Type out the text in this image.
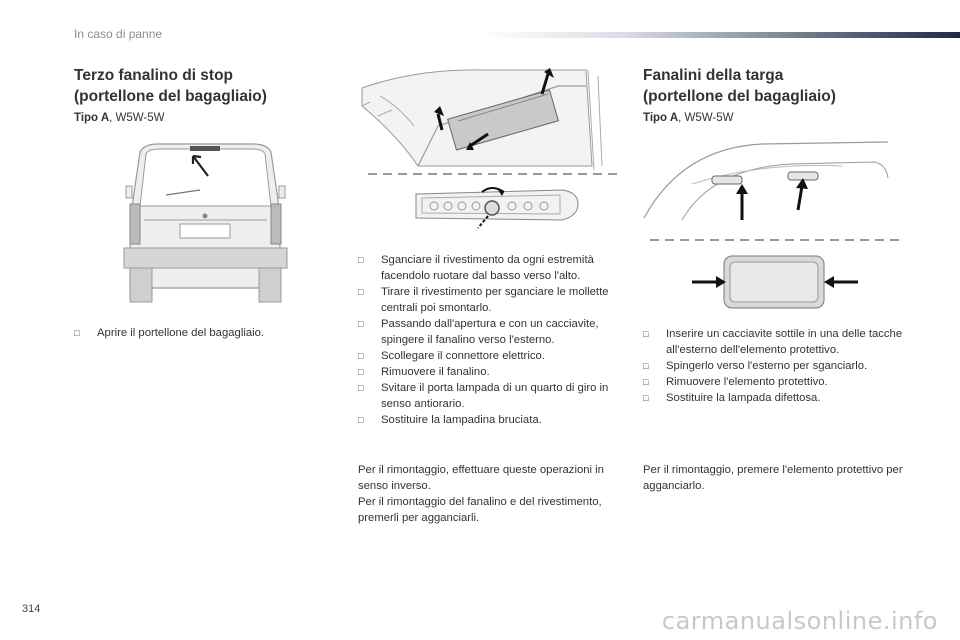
In caso di panne
Terzo fanalino di stop
(portellone del bagagliaio)
Tipo A, W5W-5W
□ Aprire il portellone del bagagliaio.
□ Sganciare il rivestimento da ogni estremità facendolo ruotare dal basso verso l'alto.
□ Tirare il rivestimento per sganciare le mollette centrali poi smontarlo.
□ Passando dall'apertura e con un cacciavite, spingere il fanalino verso l'esterno.
□ Scollegare il connettore elettrico.
□ Rimuovere il fanalino.
□ Svitare il porta lampada di un quarto di giro in senso antiorario.
□ Sostituire la lampadina bruciata.

Per il rimontaggio, effettuare queste operazioni in senso inverso.

Per il rimontaggio del fanalino e del rivestimento, premerli per agganciarli.

Fanalini della targa
(portellone del bagagliaio)
Tipo A, W5W-5W
□ Inserire un cacciavite sottile in una delle tacche all'esterno dell'elemento protettivo.
□ Spingerlo verso l'esterno per sganciarlo.
□ Rimuovere l'elemento protettivo.
□ Sostituire la lampada difettosa.

Per il rimontaggio, premere l'elemento protettivo per agganciarlo.

314	carmanualsonline.info
